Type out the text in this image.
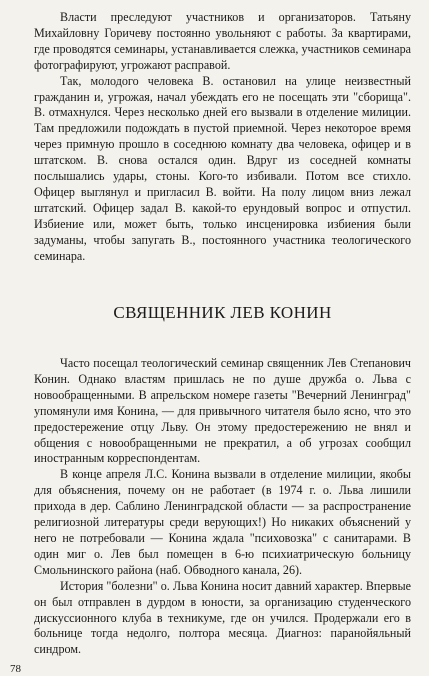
Власти преследуют участников и организаторов. Татьяну Михайловну Горичеву постоянно увольняют с работы. За квартирами, где проводятся семинары, устанавливается слежка, участников семинара фотографируют, угрожают расправой.

Так, молодого человека В. остановил на улице неизвестный гражданин и, угрожая, начал убеждать его не посещать эти "сборища". В. отмахнулся. Через несколько дней его вызвали в отделение милиции. Там предложили подождать в пустой приемной. Через некоторое время через примную прошло в соседнюю комнату два человека, офицер и в штатском. В. снова остался один. Вдруг из соседней комнаты послышались удары, стоны. Кого-то избивали. Потом все стихло. Офицер выглянул и пригласил В. войти. На полу лицом вниз лежал штатский. Офицер задал В. какой-то ерундовый вопрос и отпустил. Избиение или, может быть, только инсценировка избиения были задуманы, чтобы запугать В., постоянного участника теологического семинара.

СВЯЩЕННИК ЛЕВ КОНИН

Часто посещал теологический семинар священник Лев Степанович Конин. Однако властям пришлась не по душе дружба о. Льва с новообращенными. В апрельском номере газеты "Вечерний Ленинград" упомянули имя Конина, — для привычного читателя было ясно, что это предостережение отцу Льву. Он этому предостережению не внял и общения с новообращенными не прекратил, а об угрозах сообщил иностранным корреспондентам.

В конце апреля Л.С. Конина вызвали в отделение милиции, якобы для объяснения, почему он не работает (в 1974 г. о. Льва лишили прихода в дер. Саблино Ленинградской области — за распространение религиозной литературы среди верующих!) Но никаких объяснений у него не потребовали — Конина ждала "психовозка" с санитарами. В один миг о. Лев был помещен в 6-ю психиатрическую больницу Смольнинского района (наб. Обводного канала, 26).

История "болезни" о. Льва Конина носит давний характер. Впервые он был отправлен в дурдом в юности, за организацию студенческого дискуссионного клуба в техникуме, где он учился. Продержали его в больнице тогда недолго, полтора месяца. Диагноз: паранойяльный синдром.

78
